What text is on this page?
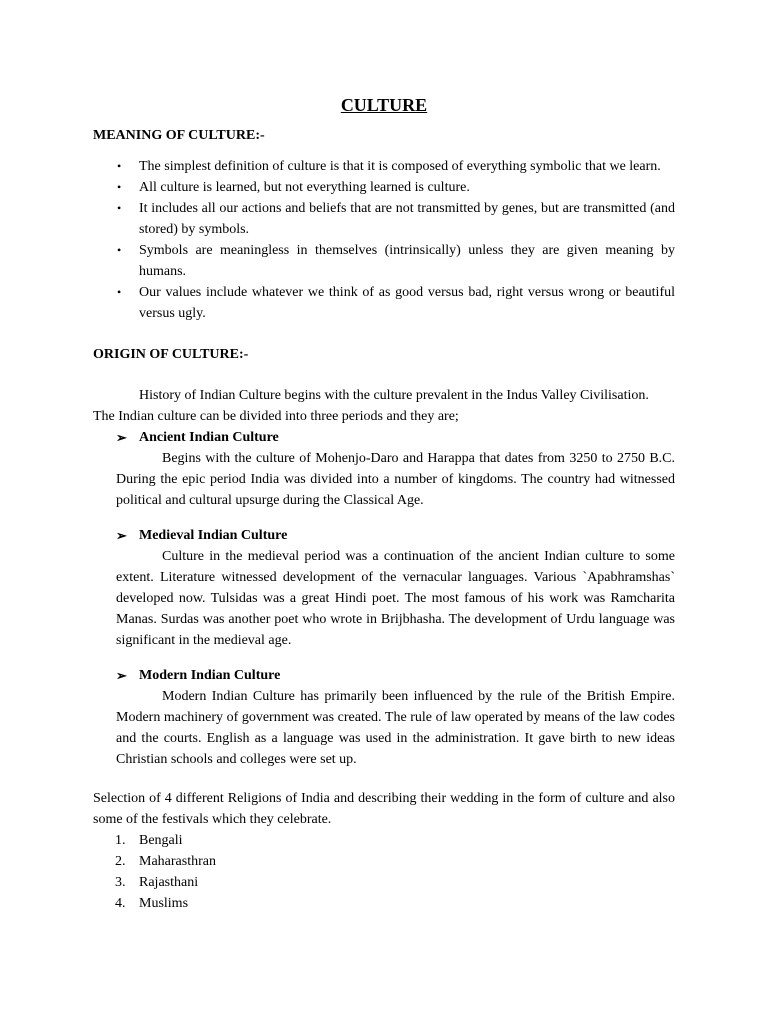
CULTURE
MEANING OF CULTURE:-
• The simplest definition of culture is that it is composed of everything symbolic that we learn.
• All culture is learned, but not everything learned is culture.
• It includes all our actions and beliefs that are not transmitted by genes, but are transmitted (and stored) by symbols.
• Symbols are meaningless in themselves (intrinsically) unless they are given meaning by humans.
• Our values include whatever we think of as good versus bad, right versus wrong or beautiful versus ugly.
ORIGIN OF CULTURE:-

History of Indian Culture begins with the culture prevalent in the Indus Valley Civilisation.

The Indian culture can be divided into three periods and they are;

➢ Ancient Indian Culture

Begins with the culture of Mohenjo-Daro and Harappa that dates from 3250 to 2750 B.C. During the epic period India was divided into a number of kingdoms. The country had witnessed political and cultural upsurge during the Classical Age.

➢ Medieval Indian Culture

Culture in the medieval period was a continuation of the ancient Indian culture to some extent. Literature witnessed development of the vernacular languages. Various `Apabhramshas` developed now. Tulsidas was a great Hindi poet. The most famous of his work was Ramcharita Manas. Surdas was another poet who wrote in Brijbhasha. The development of Urdu language was significant in the medieval age.

➢ Modern Indian Culture

Modern Indian Culture has primarily been influenced by the rule of the British Empire. Modern machinery of government was created. The rule of law operated by means of the law codes and the courts. English as a language was used in the administration. It gave birth to new ideas Christian schools and colleges were set up.

Selection of 4 different Religions of India and describing their wedding in the form of culture and also some of the festivals which they celebrate.

1. Bengali
2. Maharasthran
3. Rajasthani
4. Muslims
